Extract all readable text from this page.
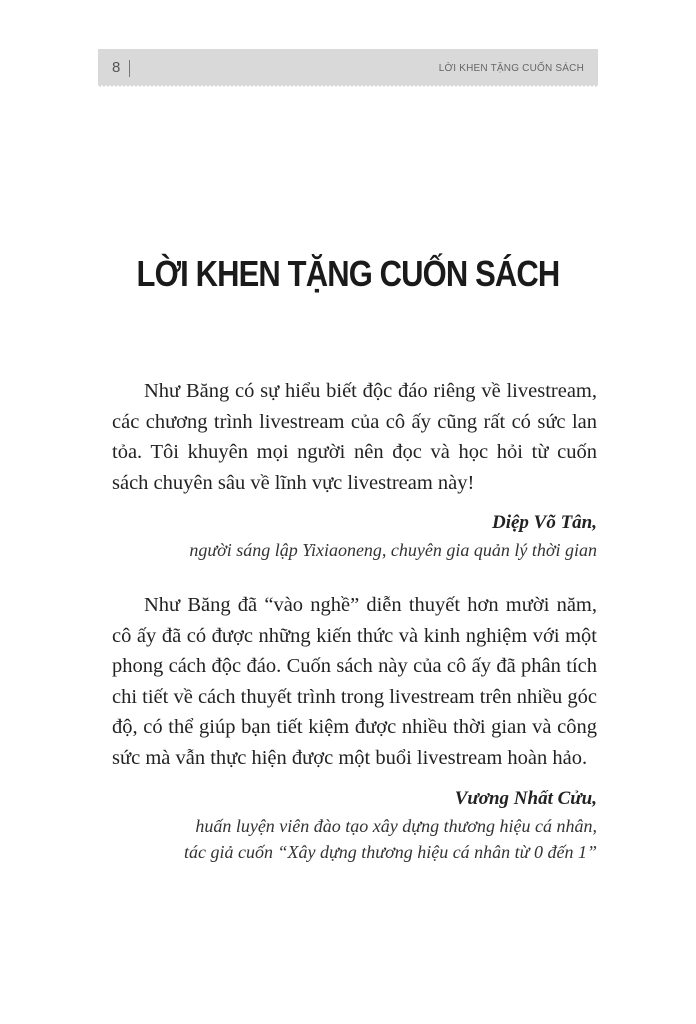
8	LỜI KHEN TẶNG CUỐN SÁCH
LỜI KHEN TẶNG CUỐN SÁCH

Như Băng có sự hiểu biết độc đáo riêng về livestream, các chương trình livestream của cô ấy cũng rất có sức lan tỏa. Tôi khuyên mọi người nên đọc và học hỏi từ cuốn sách chuyên sâu về lĩnh vực livestream này!

Diệp Võ Tân,
người sáng lập Yixiaoneng, chuyên gia quản lý thời gian

Như Băng đã “vào nghề” diễn thuyết hơn mười năm, cô ấy đã có được những kiến thức và kinh nghiệm với một phong cách độc đáo. Cuốn sách này của cô ấy đã phân tích chi tiết về cách thuyết trình trong livestream trên nhiều góc độ, có thể giúp bạn tiết kiệm được nhiều thời gian và công sức mà vẫn thực hiện được một buổi livestream hoàn hảo.

Vương Nhất Cửu,
huấn luyện viên đào tạo xây dựng thương hiệu cá nhân,
tác giả cuốn “Xây dựng thương hiệu cá nhân từ 0 đến 1”
